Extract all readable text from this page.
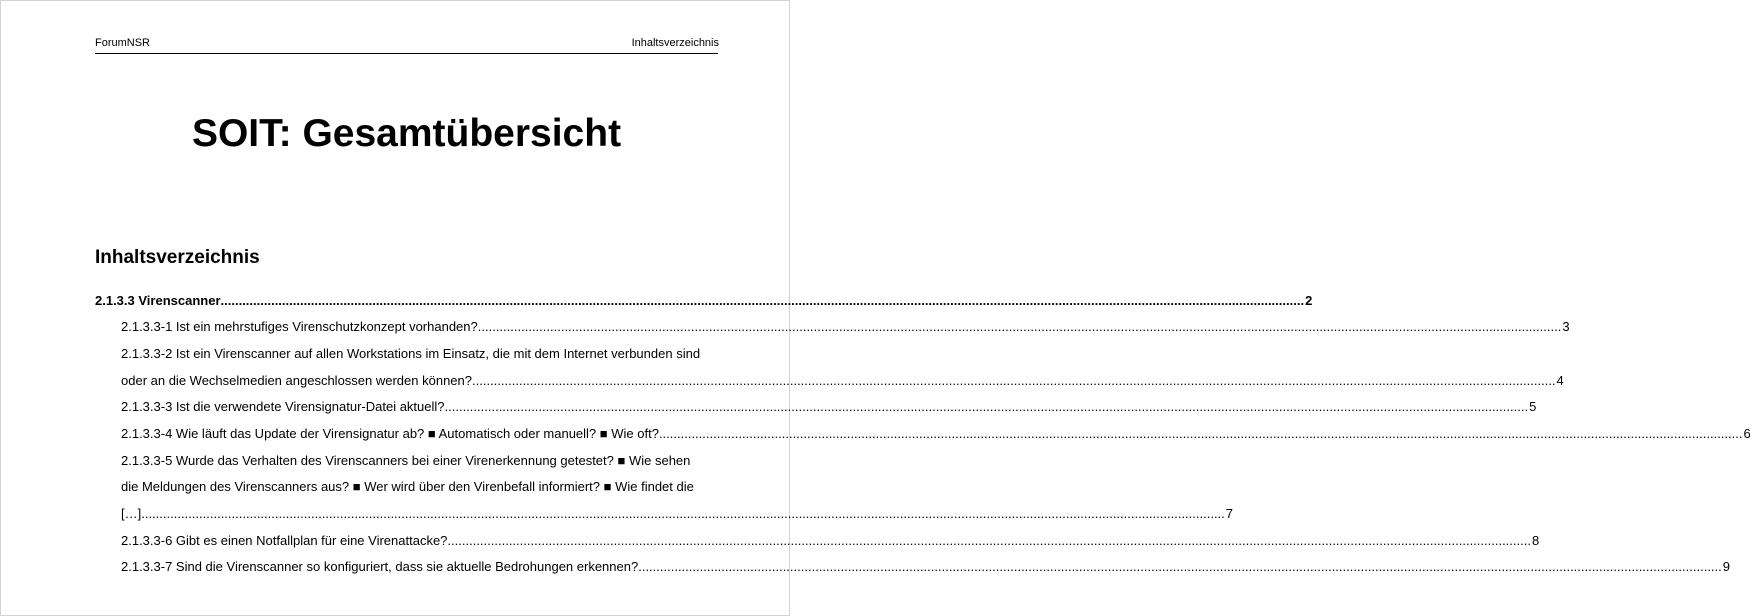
ForumNSR	Inhaltsverzeichnis
SOIT: Gesamtübersicht
Inhaltsverzeichnis
2.1.3.3 Virenscanner ............................................................................................................................................................................................................................................................................................................ 2
2.1.3.3-1 Ist ein mehrstufiges Virenschutzkonzept vorhanden? ............................................................................................................................................................................................................................................................................................................ 3
2.1.3.3-2 Ist ein Virenscanner auf allen Workstations im Einsatz, die mit dem Internet verbunden sind
oder an die Wechselmedien angeschlossen werden können? ............................................................................................................................................................................................................................................................................................................ 4
2.1.3.3-3 Ist die verwendete Virensignatur-Datei aktuell? ............................................................................................................................................................................................................................................................................................................ 5
2.1.3.3-4 Wie läuft das Update der Virensignatur ab? ■ Automatisch oder manuell? ■ Wie oft? ............................................................................................................................................................................................................................................................................................................ 6
2.1.3.3-5 Wurde das Verhalten des Virenscanners bei einer Virenerkennung getestet? ■ Wie sehen
die Meldungen des Virenscanners aus? ■ Wer wird über den Virenbefall informiert? ■ Wie findet die
[…] ............................................................................................................................................................................................................................................................................................................ 7
2.1.3.3-6 Gibt es einen Notfallplan für eine Virenattacke? ............................................................................................................................................................................................................................................................................................................ 8
2.1.3.3-7 Sind die Virenscanner so konfiguriert, dass sie aktuelle Bedrohungen erkennen? ............................................................................................................................................................................................................................................................................................................ 9
